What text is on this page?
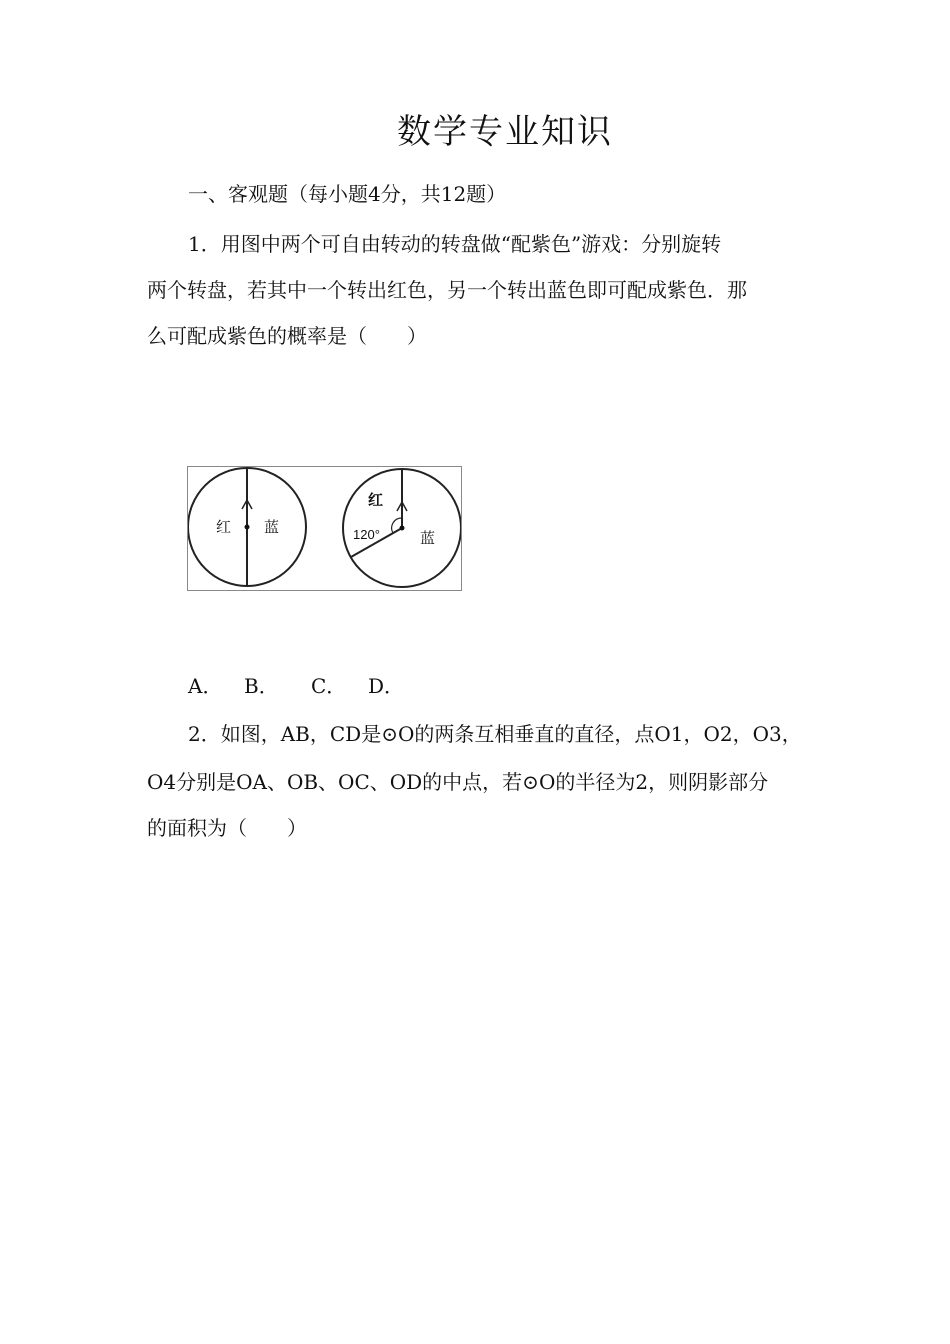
数学专业知识
一、客观题（每小题4分，共12题）
1．用图中两个可自由转动的转盘做“配紫色”游戏：分别旋转
两个转盘，若其中一个转出红色，另一个转出蓝色即可配成紫色．那
么可配成紫色的概率是（　　）
红 蓝
红
120°	蓝
A． B． C． D．
2．如图，AB，CD是⊙O的两条互相垂直的直径，点O1，O2，O3，
O4分别是OA、OB、OC、OD的中点，若⊙O的半径为2，则阴影部分
的面积为（　　）
